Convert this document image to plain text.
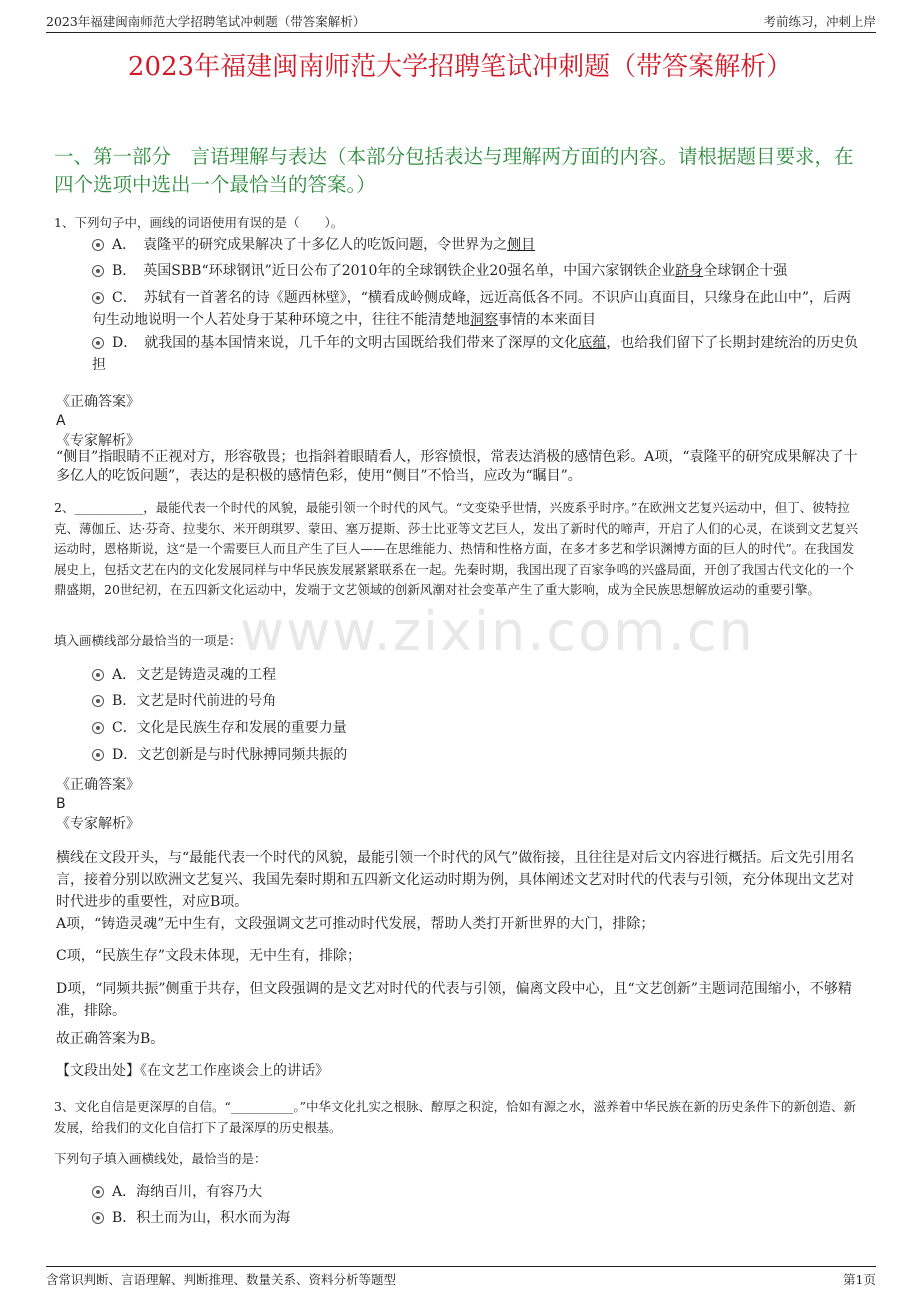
2023年福建闽南师范大学招聘笔试冲刺题（带答案解析）	考前练习，冲刺上岸
2023年福建闽南师范大学招聘笔试冲刺题（带答案解析）
一、第一部分　言语理解与表达（本部分包括表达与理解两方面的内容。请根据题目要求，在四个选项中选出一个最恰当的答案。）
www.zixin.com.cn
1、下列句子中，画线的词语使用有误的是（　　）。
A．　袁隆平的研究成果解决了十多亿人的吃饭问题，令世界为之侧目
B．　英国SBB“环球钢讯”近日公布了2010年的全球钢铁企业20强名单，中国六家钢铁企业跻身全球钢企十强
C．　苏轼有一首著名的诗《题西林壁》，“横看成岭侧成峰，远近高低各不同。不识庐山真面目，只缘身在此山中”，后两句生动地说明一个人若处身于某种环境之中，往往不能清楚地洞察事情的本来面目
D．　就我国的基本国情来说，几千年的文明古国既给我们带来了深厚的文化底蕴，也给我们留下了长期封建统治的历史负担
《正确答案》
A
《专家解析》
“侧目”指眼睛不正视对方，形容敬畏；也指斜着眼睛看人，形容愤恨，常表达消极的感情色彩。A项，“袁隆平的研究成果解决了十多亿人的吃饭问题”，表达的是积极的感情色彩，使用“侧目”不恰当，应改为“瞩目”。
2、___________，最能代表一个时代的风貌，最能引领一个时代的风气。“文变染乎世情，兴废系乎时序。”在欧洲文艺复兴运动中，但丁、彼特拉克、薄伽丘、达·芬奇、拉斐尔、米开朗琪罗、蒙田、塞万提斯、莎士比亚等文艺巨人，发出了新时代的啼声，开启了人们的心灵，在谈到文艺复兴运动时，恩格斯说，这“是一个需要巨人而且产生了巨人——在思维能力、热情和性格方面，在多才多艺和学识渊博方面的巨人的时代”。在我国发展史上，包括文艺在内的文化发展同样与中华民族发展紧紧联系在一起。先秦时期，我国出现了百家争鸣的兴盛局面，开创了我国古代文化的一个鼎盛期，20世纪初，在五四新文化运动中，发端于文艺领域的创新风潮对社会变革产生了重大影响，成为全民族思想解放运动的重要引擎。
填入画横线部分最恰当的一项是：
A．文艺是铸造灵魂的工程
B．文艺是时代前进的号角
C．文化是民族生存和发展的重要力量
D．文艺创新是与时代脉搏同频共振的
《正确答案》
B
《专家解析》
横线在文段开头，与“最能代表一个时代的风貌，最能引领一个时代的风气”做衔接，且往往是对后文内容进行概括。后文先引用名言，接着分别以欧洲文艺复兴、我国先秦时期和五四新文化运动时期为例，具体阐述文艺对时代的代表与引领，充分体现出文艺对时代进步的重要性，对应B项。
A项，“铸造灵魂”无中生有，文段强调文艺可推动时代发展，帮助人类打开新世界的大门，排除；
C项，“民族生存”文段未体现，无中生有，排除；
D项，“同频共振”侧重于共存，但文段强调的是文艺对时代的代表与引领，偏离文段中心，且“文艺创新”主题词范围缩小，不够精准，排除。
故正确答案为B。
【文段出处】《在文艺工作座谈会上的讲话》
3、文化自信是更深厚的自信。“__________。”中华文化扎实之根脉、醇厚之积淀，恰如有源之水，滋养着中华民族在新的历史条件下的新创造、新发展，给我们的文化自信打下了最深厚的历史根基。
下列句子填入画横线处，最恰当的是：
A．海纳百川，有容乃大
B．积土而为山，积水而为海
含常识判断、言语理解、判断推理、数量关系、资料分析等题型	第1页
